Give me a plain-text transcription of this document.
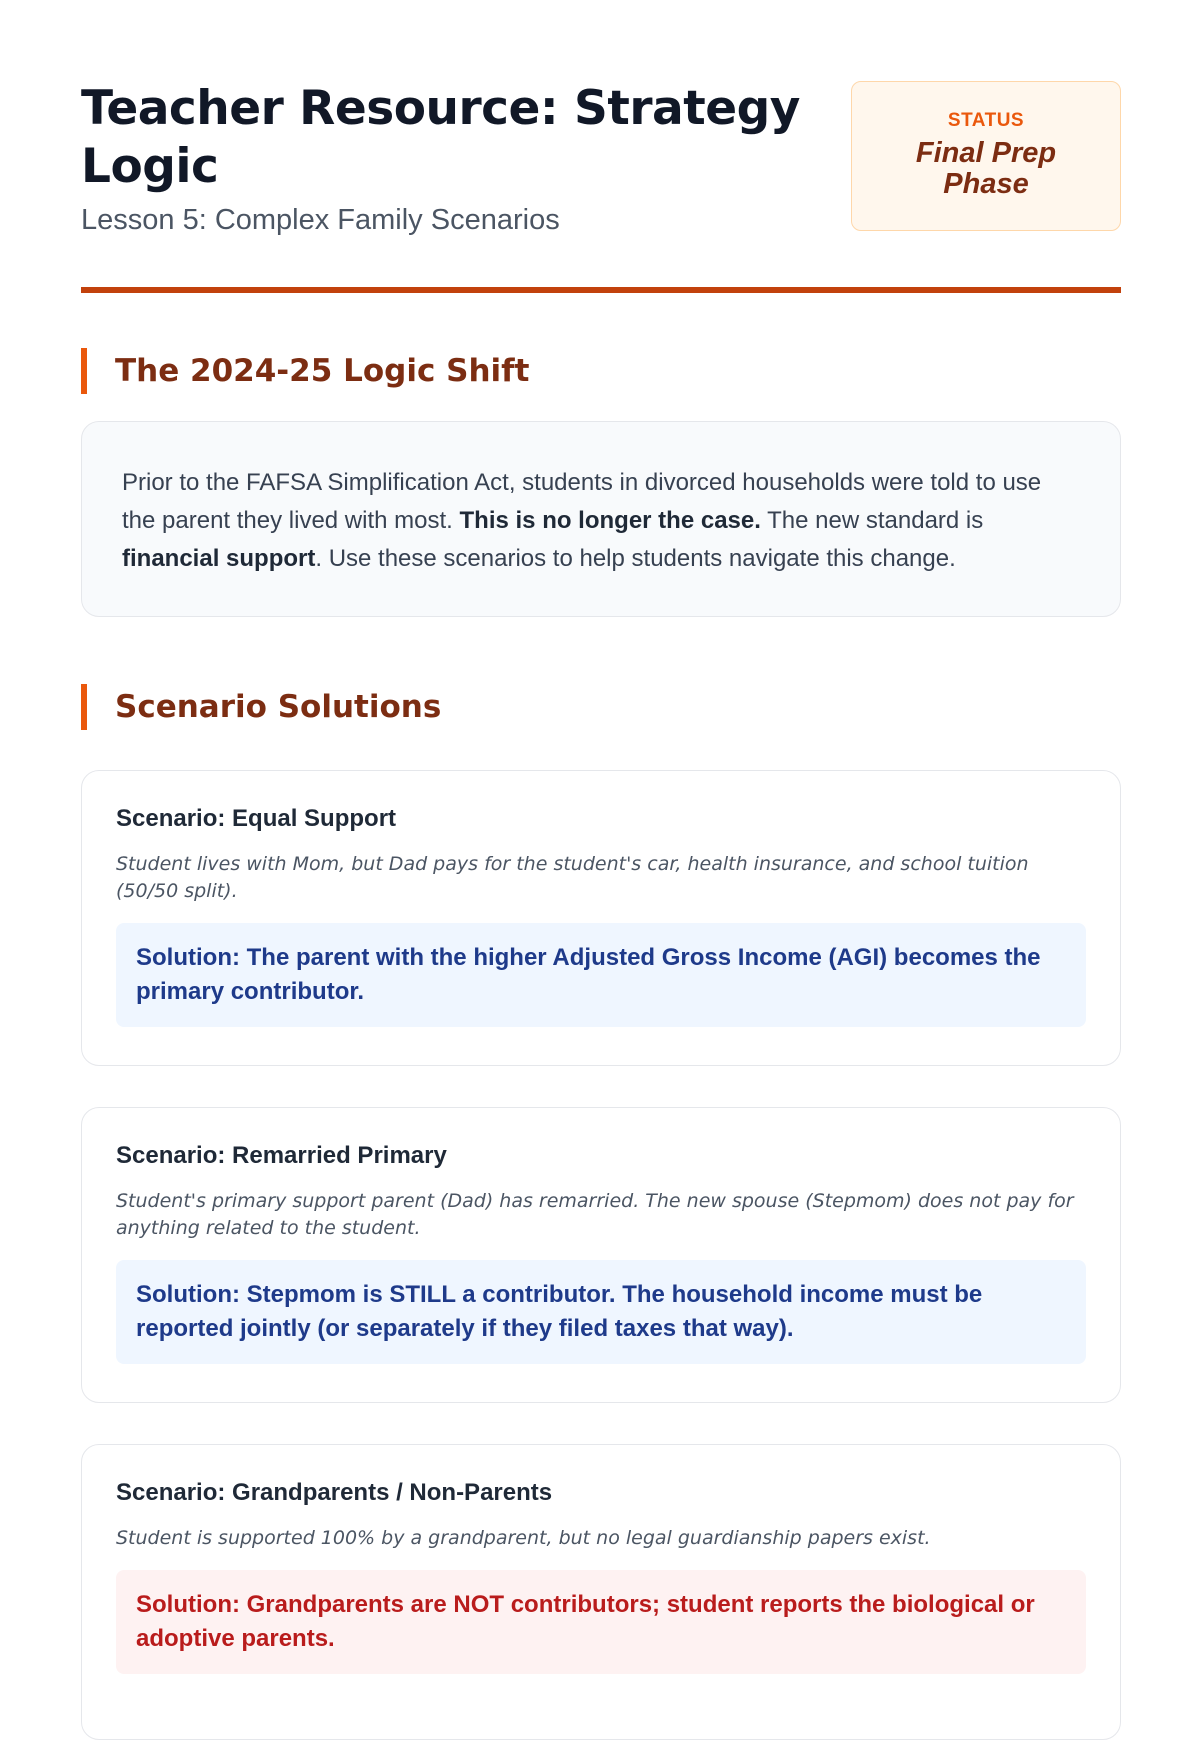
Teacher Resource: Strategy Logic
Lesson 5: Complex Family Scenarios
STATUS
Final Prep Phase
The 2024-25 Logic Shift

Prior to the FAFSA Simplification Act, students in divorced households were told to use the parent they lived with most. This is no longer the case. The new standard is financial support. Use these scenarios to help students navigate this change.

Scenario Solutions
Scenario: Equal Support
Student lives with Mom, but Dad pays for the student's car, health insurance, and school tuition (50/50 split).
Solution: The parent with the higher Adjusted Gross Income (AGI) becomes the primary contributor.
Scenario: Remarried Primary
Student's primary support parent (Dad) has remarried. The new spouse (Stepmom) does not pay for anything related to the student.
Solution: Stepmom is STILL a contributor. The household income must be reported jointly (or separately if they filed taxes that way).
Scenario: Grandparents / Non-Parents
Student is supported 100% by a grandparent, but no legal guardianship papers exist.
Solution: Grandparents are NOT contributors; student reports the biological or adoptive parents.
